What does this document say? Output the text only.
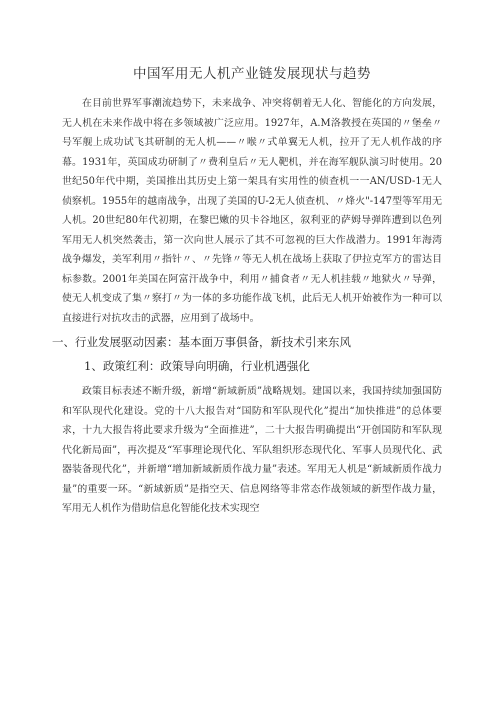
中国军用无人机产业链发展现状与趋势

在目前世界军事潮流趋势下，未来战争、冲突将朝着无人化、智能化的方向发展，无人机在未来作战中将在多领域被广泛应用。1927年，A.M洛教授在英国的〃堡垒〃号军舰上成功试飞其研制的无人机——〃喉〃式单翼无人机，拉开了无人机作战的序幕。1931年，英国成功研制了〃费利皇后〃无人靶机，并在海军舰队演习时使用。20世纪50年代中期，美国推出其历史上第一架具有实用性的侦查机一一AN/USD-1无人侦察机。1955年的越南战争，出现了美国的U-2无人侦查机、〃烽火"-147型等军用无人机。20世纪80年代初期，在黎巴嫩的贝卡谷地区，叙利亚的萨姆导弹阵遭到以色列军用无人机突然袭击，第一次向世人展示了其不可忽视的巨大作战潜力。1991年海湾战争爆发，美军利用〃指针〃、〃先锋〃等无人机在战场上获取了伊拉克军方的雷达目标参数。2001年美国在阿富汗战争中，利用〃捕食者〃无人机挂载〃地狱火〃导弹，使无人机变成了集〃察打〃为一体的多功能作战飞机，此后无人机开始被作为一种可以直接进行对抗攻击的武器，应用到了战场中。

一、行业发展驱动因素：基本面万事俱备，新技术引来东风
1、政策红利：政策导向明确，行业机遇强化

政策目标表述不断升级，新增“新域新质”战略规划。建国以来，我国持续加强国防和军队现代化建设。党的十八大报告对“国防和军队现代化”提出“加快推进”的总体要求，十九大报告将此要求升级为“全面推进”，二十大报告明确提出“开创国防和军队现代化新局面”，再次提及“军事理论现代化、军队组织形态现代化、军事人员现代化、武器装备现代化”，并新增“增加新域新质作战力量”表述。军用无人机是“新域新质作战力量”的重要一环。“新域新质”是指空天、信息网络等非常态作战领域的新型作战力量，军用无人机作为借助信息化智能化技术实现空
